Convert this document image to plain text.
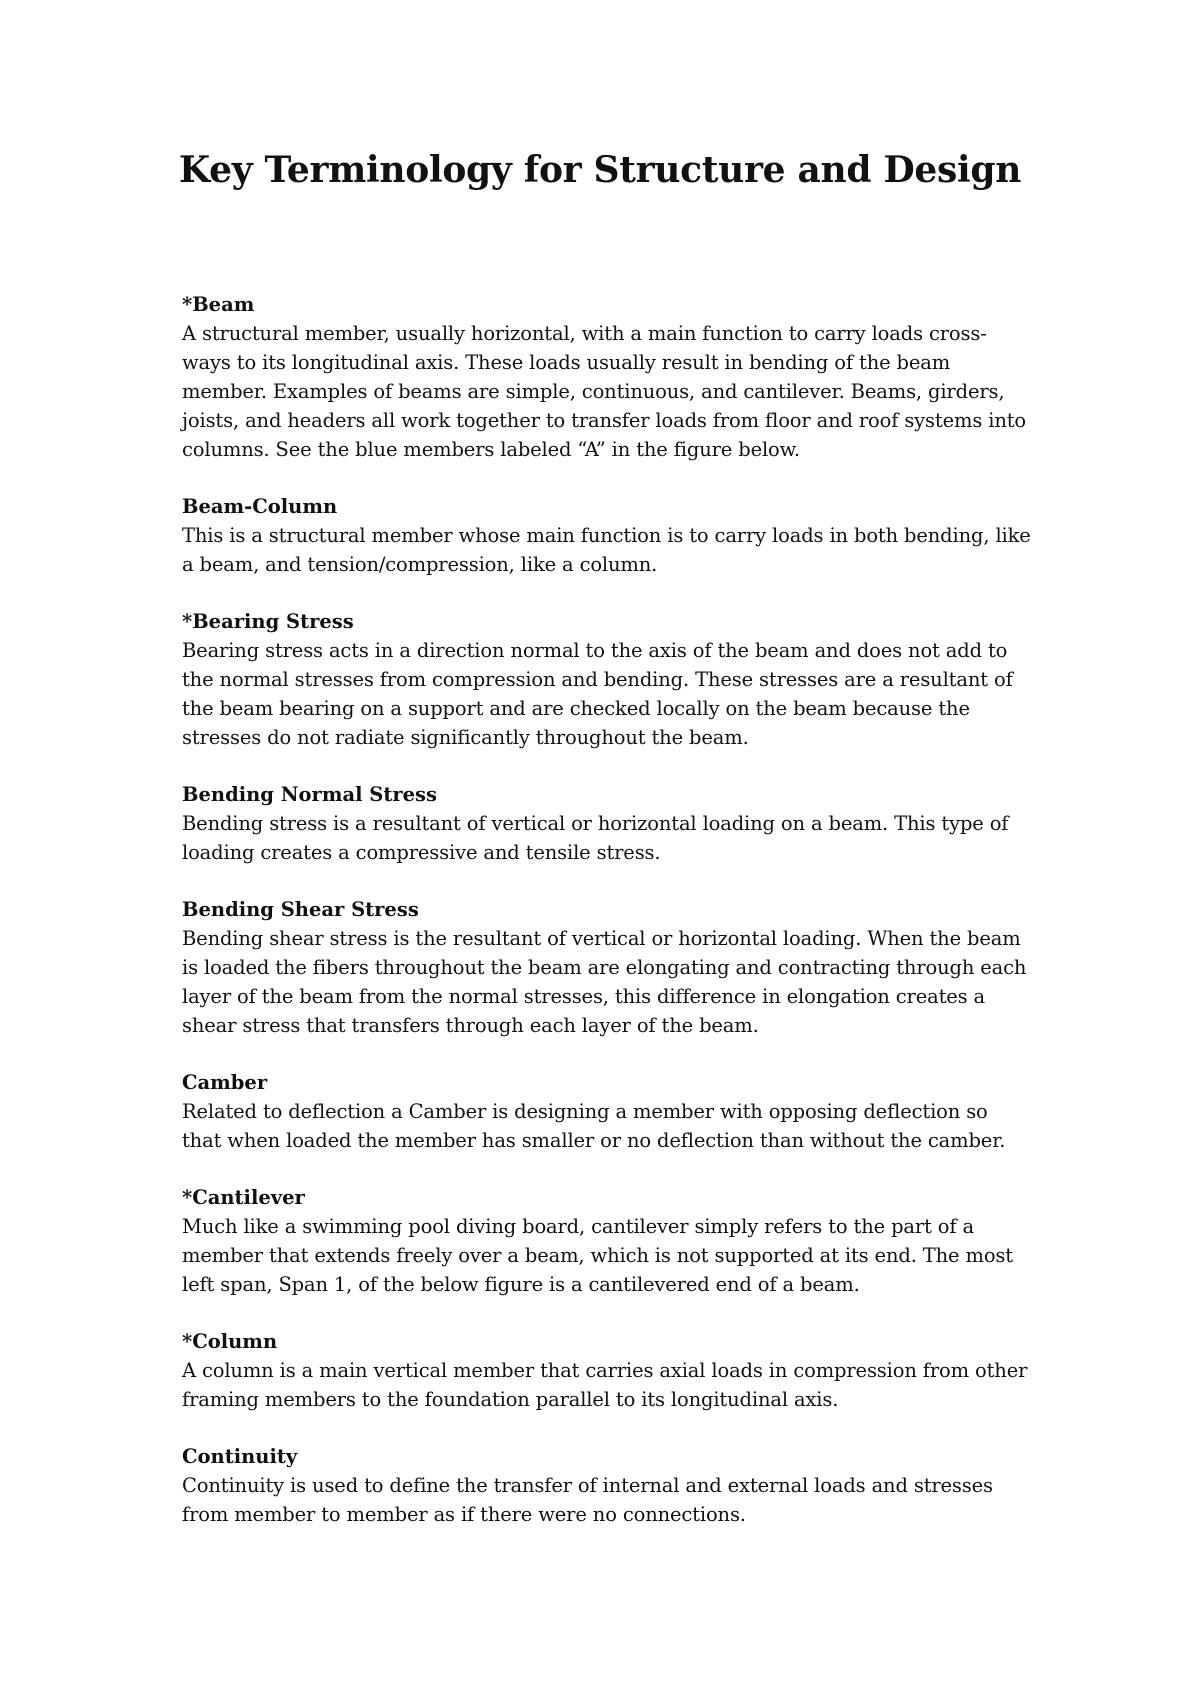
Key Terminology for Structure and Design
*Beam
A structural member, usually horizontal, with a main function to carry loads cross-ways to its longitudinal axis. These loads usually result in bending of the beam member. Examples of beams are simple, continuous, and cantilever. Beams, girders, joists, and headers all work together to transfer loads from floor and roof systems into columns. See the blue members labeled “A” in the figure below.
Beam-Column
This is a structural member whose main function is to carry loads in both bending, like a beam, and tension/compression, like a column.
*Bearing Stress
Bearing stress acts in a direction normal to the axis of the beam and does not add to the normal stresses from compression and bending. These stresses are a resultant of the beam bearing on a support and are checked locally on the beam because the stresses do not radiate significantly throughout the beam.
Bending Normal Stress
Bending stress is a resultant of vertical or horizontal loading on a beam. This type of loading creates a compressive and tensile stress.
Bending Shear Stress
Bending shear stress is the resultant of vertical or horizontal loading. When the beam is loaded the fibers throughout the beam are elongating and contracting through each layer of the beam from the normal stresses, this difference in elongation creates a shear stress that transfers through each layer of the beam.
Camber
Related to deflection a Camber is designing a member with opposing deflection so that when loaded the member has smaller or no deflection than without the camber.
*Cantilever
Much like a swimming pool diving board, cantilever simply refers to the part of a member that extends freely over a beam, which is not supported at its end. The most left span, Span 1, of the below figure is a cantilevered end of a beam.
*Column
A column is a main vertical member that carries axial loads in compression from other framing members to the foundation parallel to its longitudinal axis.
Continuity
Continuity is used to define the transfer of internal and external loads and stresses from member to member as if there were no connections.
